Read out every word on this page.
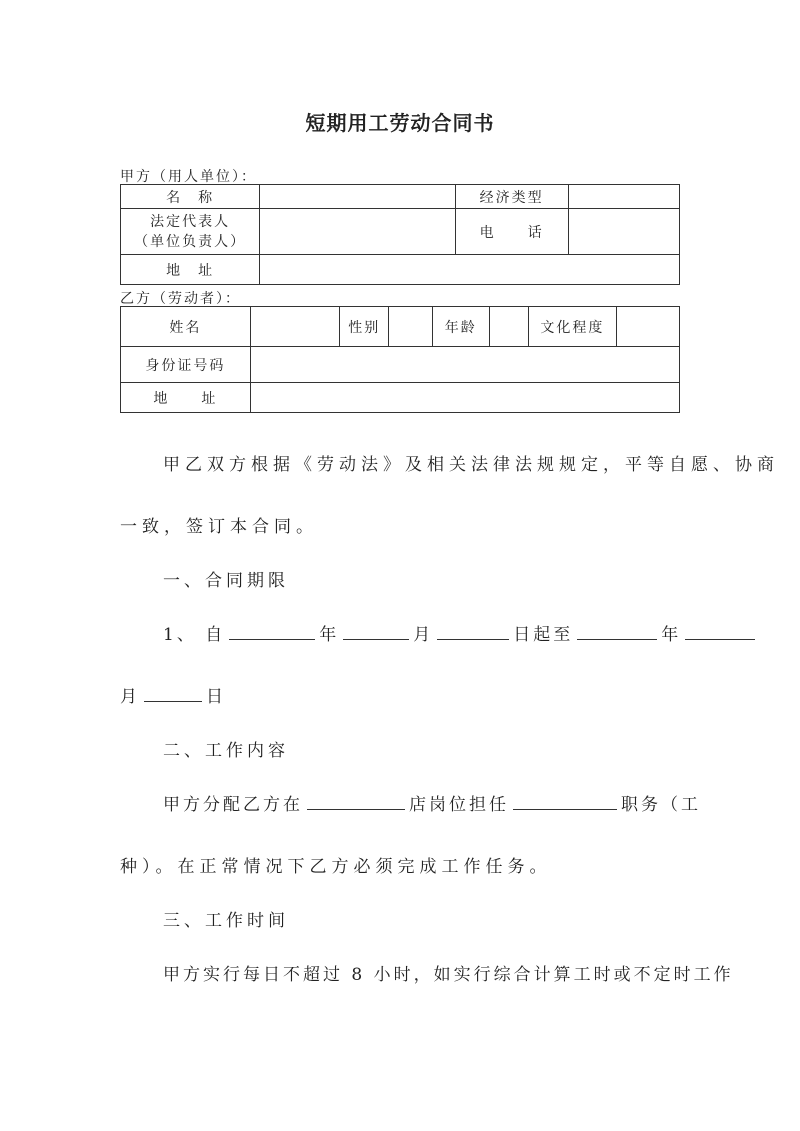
短期用工劳动合同书
甲方（用人单位）：
名　称		经济类型	

法定代表人
（单位负责人）		电　　话	
地　址			
乙方（劳动者）：
姓名		性别		年龄		文化程度	
身份证号码							
地　　址							
甲乙双方根据《劳动法》及相关法律法规规定，平等自愿、协商
一致，签订本合同。
一、合同期限
1、 自	年	月	日起至	年
月	日
二、工作内容
甲方分配乙方在	店岗位担任	职务（工
种）。在正常情况下乙方必须完成工作任务。
三、工作时间
甲方实行每日不超过 8 小时，如实行综合计算工时或不定时工作
